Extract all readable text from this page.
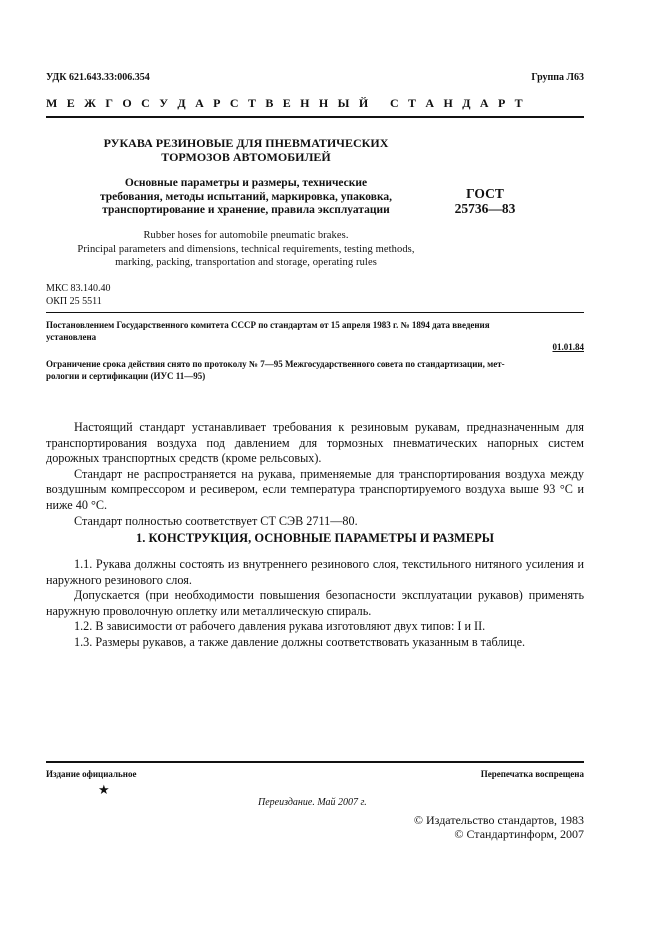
УДК 621.643.33:006.354	Группа Л63
М Е Ж Г О С У Д А Р С Т В Е Н Н Ы Й   С Т А Н Д А Р Т
РУКАВА РЕЗИНОВЫЕ ДЛЯ ПНЕВМАТИЧЕСКИХ
ТОРМОЗОВ АВТОМОБИЛЕЙ
Основные параметры и размеры, технические
требования, методы испытаний, маркировка, упаковка,
транспортирование и хранение, правила эксплуатации
ГОСТ
25736—83
Rubber hoses for automobile pneumatic brakes.
Principal parameters and dimensions, technical requirements, testing methods,
marking, packing, transportation and storage, operating rules
МКС 83.140.40
ОКП 25 5511
Постановлением Государственного комитета СССР по стандартам от 15 апреля 1983 г. № 1894 дата введения
установлена
01.01.84
Ограничение срока действия снято по протоколу № 7—95 Межгосударственного совета по стандартизации, мет-
рологии и сертификации (ИУС 11—95)

Настоящий стандарт устанавливает требования к резиновым рукавам, предназначенным для транспортирования воздуха под давлением для тормозных пневматических напорных систем дорожных транспортных средств (кроме рельсовых).

Стандарт не распространяется на рукава, применяемые для транспортирования воздуха между воздушным компрессором и ресивером, если температура транспортируемого воздуха выше 93 °С и ниже 40 °С.

Стандарт полностью соответствует СТ СЭВ 2711—80.

1. КОНСТРУКЦИЯ, ОСНОВНЫЕ ПАРАМЕТРЫ И РАЗМЕРЫ

1.1. Рукава должны состоять из внутреннего резинового слоя, текстильного нитяного усиления и наружного резинового слоя.

Допускается (при необходимости повышения безопасности эксплуатации рукавов) применять наружную проволочную оплетку или металлическую спираль.

1.2. В зависимости от рабочего давления рукава изготовляют двух типов: I и II.

1.3. Размеры рукавов, а также давление должны соответствовать указанным в таблице.

Издание официальное	Перепечатка воспрещена
★
Переиздание. Май 2007 г.
© Издательство стандартов, 1983
© Стандартинформ, 2007
